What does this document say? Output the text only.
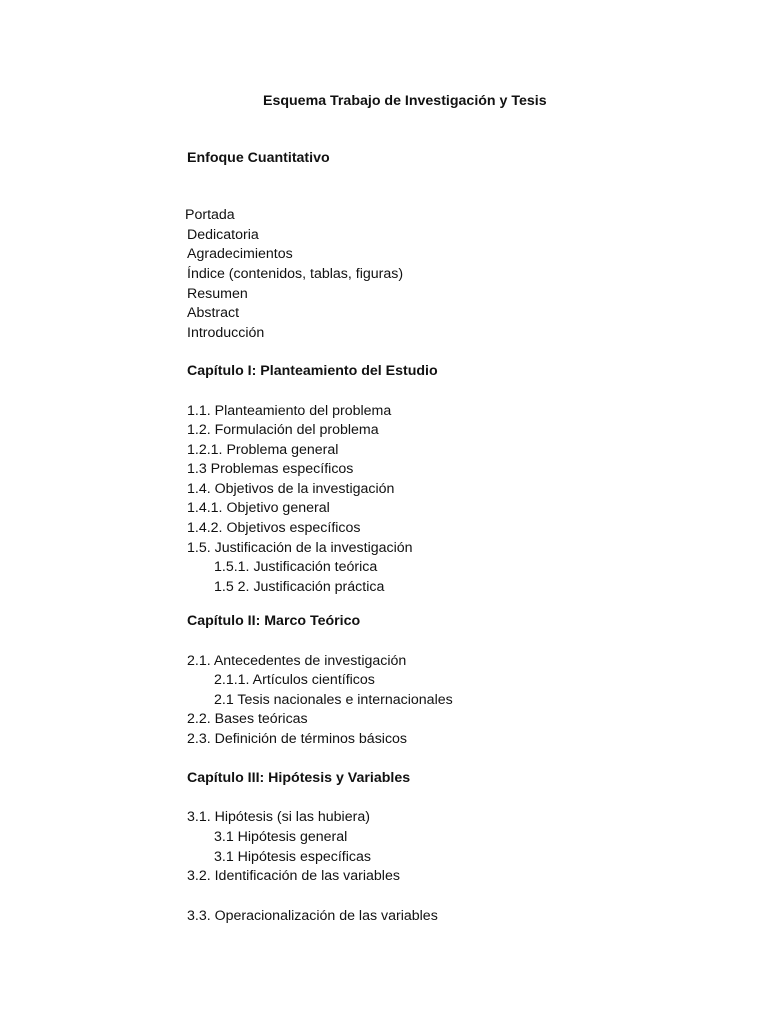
Esquema Trabajo de Investigación y Tesis
Enfoque Cuantitativo
Portada
Dedicatoria
Agradecimientos
Índice (contenidos, tablas, figuras)
Resumen
Abstract
Introducción
Capítulo I: Planteamiento del Estudio
1.1. Planteamiento del problema
1.2. Formulación del problema
1.2.1. Problema general
1.3 Problemas específicos
1.4. Objetivos de la investigación
1.4.1. Objetivo general
1.4.2. Objetivos específicos
1.5. Justificación de la investigación
1.5.1. Justificación teórica
1.5 2. Justificación práctica
Capítulo II: Marco Teórico
2.1. Antecedentes de investigación
2.1.1. Artículos científicos
2.1 Tesis nacionales e internacionales
2.2. Bases teóricas
2.3. Definición de términos básicos
Capítulo III: Hipótesis y Variables
3.1. Hipótesis (si las hubiera)
3.1 Hipótesis general
3.1 Hipótesis específicas
3.2. Identificación de las variables
3.3. Operacionalización de las variables
